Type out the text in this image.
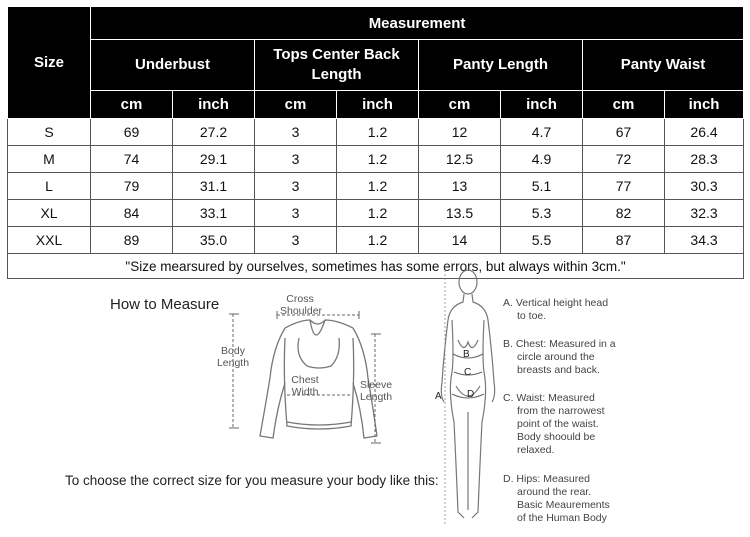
Size	Measurement							
	Underbust		Tops Center Back Length		Panty Length		Panty Waist	
	cm	inch	cm	inch	cm	inch	cm	inch
S	69	27.2	3	1.2	12	4.7	67	26.4
M	74	29.1	3	1.2	12.5	4.9	72	28.3
L	79	31.1	3	1.2	13	5.1	77	30.3
XL	84	33.1	3	1.2	13.5	5.3	82	32.3
XXL	89	35.0	3	1.2	14	5.5	87	34.3
"Size mearsured by ourselves, sometimes has some errors, but always within 3cm."								
How to Measure
To choose the correct size for you measure your body like this:
Cross
Shoulder
Body
Length
Chest
Width
Sleeve
Length
B
C
D
A
A. Vertical height head
to toe.
B. Chest: Measured in a
circle around the
breasts and back.
C. Waist: Measured
from the narrowest
point of the waist.
Body shoould be
relaxed.
D. Hips: Measured
around the rear.
Basic Meaurements
of the Human Body
